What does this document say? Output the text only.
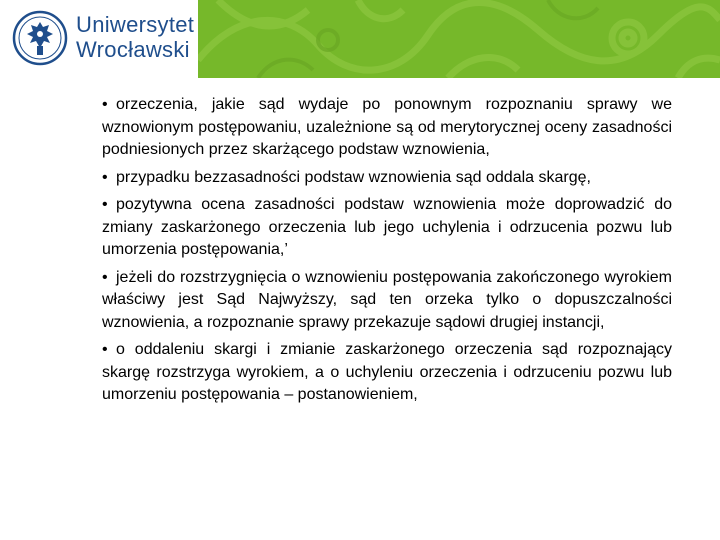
Uniwersytet
Wrocławski

• orzeczenia, jakie sąd wydaje po ponownym rozpoznaniu sprawy we wznowionym postępowaniu, uzależnione są od merytorycznej oceny zasadności podniesionych przez skarżącego podstaw wznowienia,

• przypadku bezzasadności podstaw wznowienia sąd oddala skargę,

• pozytywna ocena zasadności podstaw wznowienia może doprowadzić do zmiany zaskarżonego orzeczenia lub jego uchylenia i odrzucenia pozwu lub umorzenia postępowania,’

• jeżeli do rozstrzygnięcia o wznowieniu postępowania zakończonego wyrokiem właściwy jest Sąd Najwyższy, sąd ten orzeka tylko o dopuszczalności wznowienia, a rozpoznanie sprawy przekazuje sądowi drugiej instancji,

• o oddaleniu skargi i zmianie zaskarżonego orzeczenia sąd rozpoznający skargę rozstrzyga wyrokiem, a o uchyleniu orzeczenia i odrzuceniu pozwu lub umorzeniu postępowania – postanowieniem,
